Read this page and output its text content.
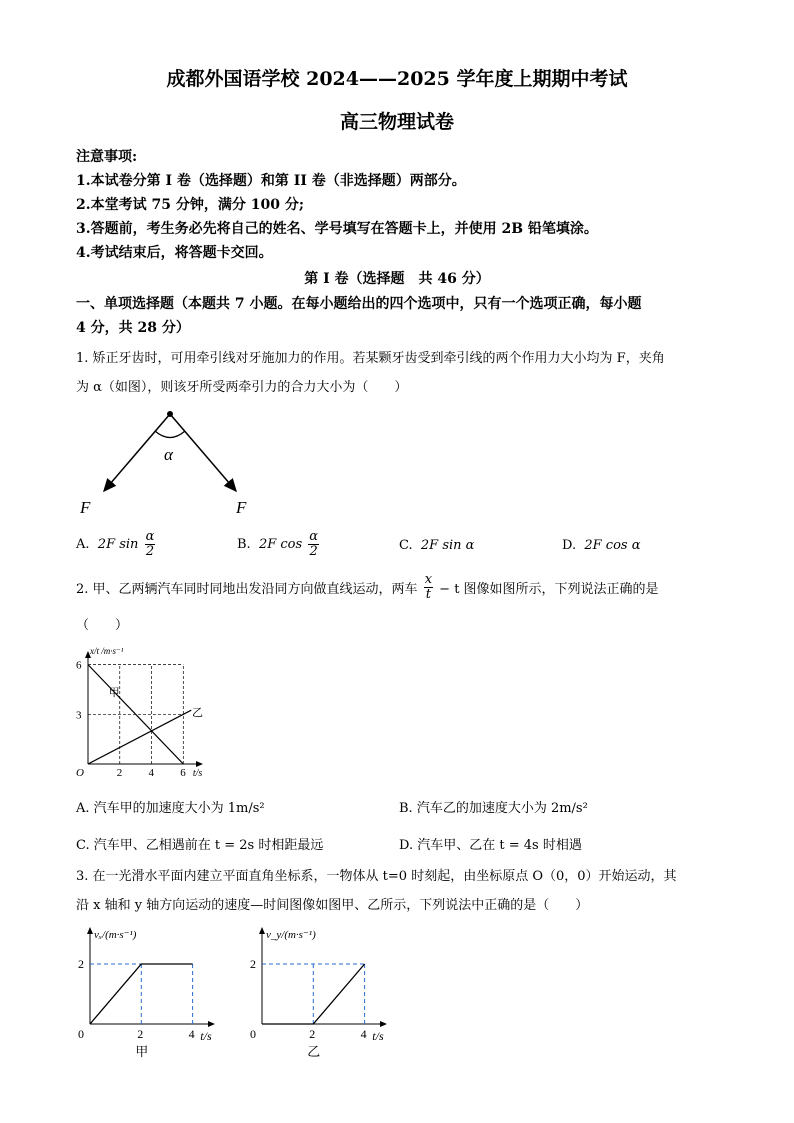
成都外国语学校 2024——2025 学年度上期期中考试
高三物理试卷
注意事项:
1.本试卷分第 I 卷（选择题）和第 II 卷（非选择题）两部分。
2.本堂考试 75 分钟，满分 100 分;
3.答题前，考生务必先将自己的姓名、学号填写在答题卡上，并使用 2B 铅笔填涂。
4.考试结束后，将答题卡交回。
第 I 卷（选择题　共 46 分）
一、单项选择题（本题共 7 小题。在每小题给出的四个选项中，只有一个选项正确，每小题
4 分，共 28 分）
1. 矫正牙齿时，可用牵引线对牙施加力的作用。若某颗牙齿受到牵引线的两个作用力大小均为 F，夹角
为 α（如图），则该牙所受两牵引力的合力大小为（　　）
α
F	F
A. 2F $\sin \frac{\alpha}{2}$	B. 2F $\cos \frac{\alpha}{2}$	C. 2F sin α	D. 2F cos α
2. 甲、乙两辆汽车同时同地出发沿同方向做直线运动，两车 $\frac{x}{t} - t$ 图像如图所示，下列说法正确的是
（　　）
甲
乙
2 4 6
3
6
O	t/s
x/t /m·s⁻¹
A. 汽车甲的加速度大小为 1m/s²	B. 汽车乙的加速度大小为 2m/s²
C. 汽车甲、乙相遇前在 t = 2s 时相距最远	D. 汽车甲、乙在 t = 4s 时相遇
3. 在一光滑水平面内建立平面直角坐标系，一物体从 t=0 时刻起，由坐标原点 O（0，0）开始运动，其
沿 x 轴和 y 轴方向运动的速度—时间图像如图甲、乙所示，下列说法中正确的是（　　）
2	4
2
0	t/s
vₓ/(m·s⁻¹)
甲
2	4
2
0	t/s
v_y/(m·s⁻¹)
乙
